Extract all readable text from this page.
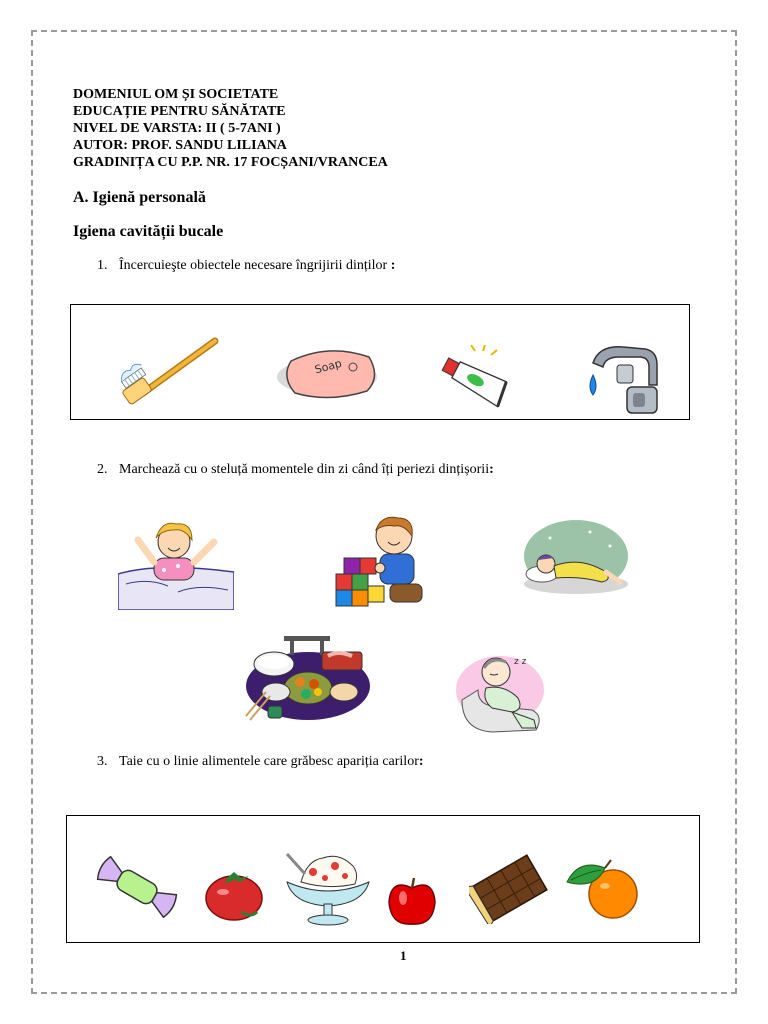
DOMENIUL OM ȘI SOCIETATE
EDUCAȚIE PENTRU SĂNĂTATE
NIVEL DE VARSTA: II ( 5-7ANI )
AUTOR: PROF. SANDU LILIANA
GRADINIȚA CU P.P. NR. 17 FOCȘANI/VRANCEA
A. Igienă personală
Igiena cavității bucale
1. Încercuieşte obiectele necesare îngrijirii dinților :
Soap
2. Marchează cu o steluță momentele din zi când îți periezi dințișorii:
z z
3. Taie cu o linie alimentele care grăbesc apariția carilor:
1
